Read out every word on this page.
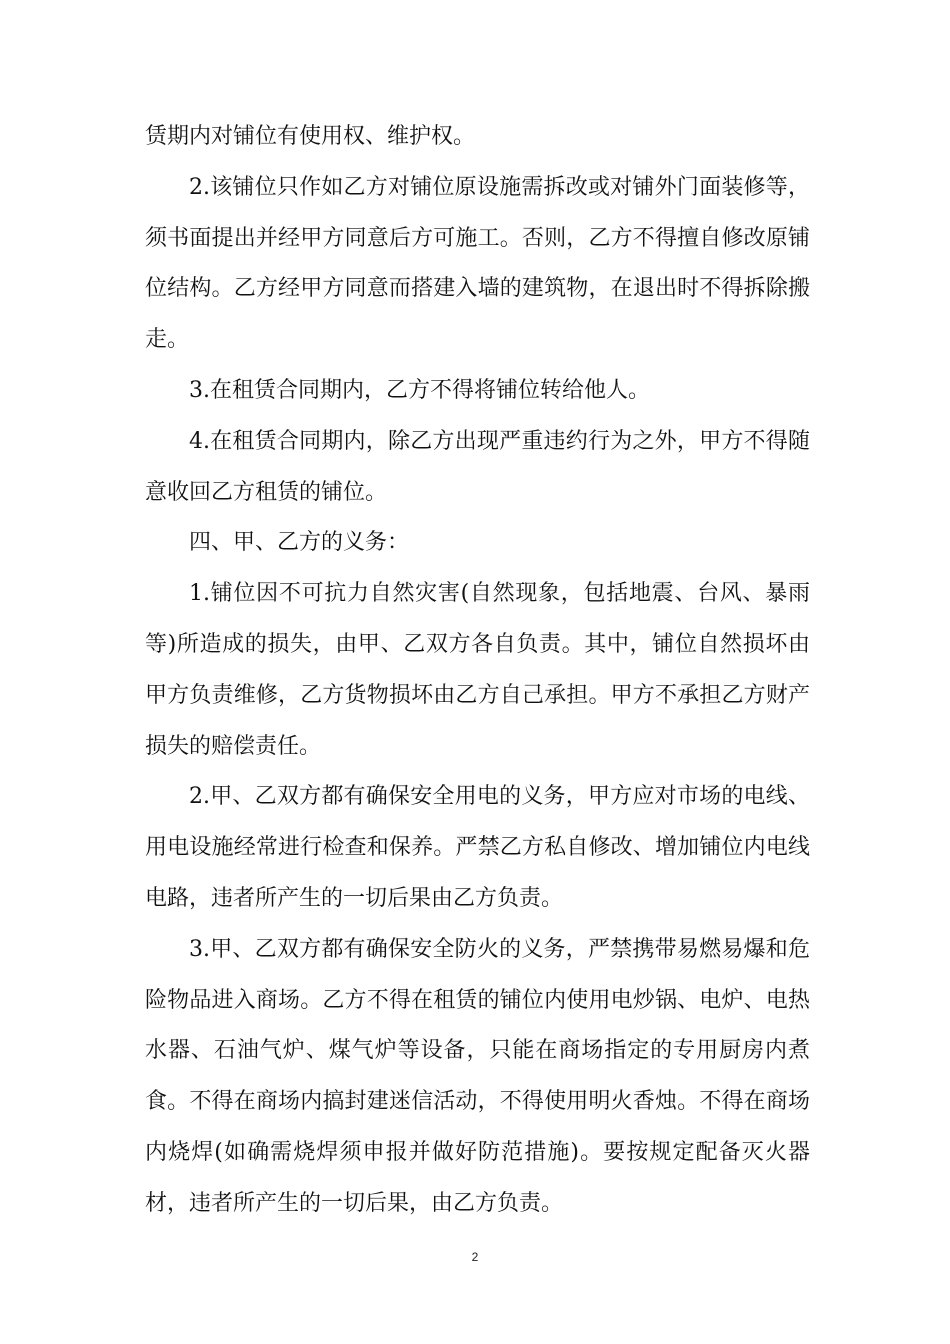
赁期内对铺位有使用权、维护权。

2.该铺位只作如乙方对铺位原设施需拆改或对铺外门面装修等，须书面提出并经甲方同意后方可施工。否则，乙方不得擅自修改原铺位结构。乙方经甲方同意而搭建入墙的建筑物，在退出时不得拆除搬走。

3.在租赁合同期内，乙方不得将铺位转给他人。

4.在租赁合同期内，除乙方出现严重违约行为之外，甲方不得随意收回乙方租赁的铺位。

四、甲、乙方的义务：

1.铺位因不可抗力自然灾害(自然现象，包括地震、台风、暴雨等)所造成的损失，由甲、乙双方各自负责。其中，铺位自然损坏由甲方负责维修，乙方货物损坏由乙方自己承担。甲方不承担乙方财产损失的赔偿责任。

2.甲、乙双方都有确保安全用电的义务，甲方应对市场的电线、用电设施经常进行检查和保养。严禁乙方私自修改、增加铺位内电线电路，违者所产生的一切后果由乙方负责。

3.甲、乙双方都有确保安全防火的义务，严禁携带易燃易爆和危险物品进入商场。乙方不得在租赁的铺位内使用电炒锅、电炉、电热水器、石油气炉、煤气炉等设备，只能在商场指定的专用厨房内煮食。不得在商场内搞封建迷信活动，不得使用明火香烛。不得在商场内烧焊(如确需烧焊须申报并做好防范措施)。要按规定配备灭火器材，违者所产生的一切后果，由乙方负责。

2
